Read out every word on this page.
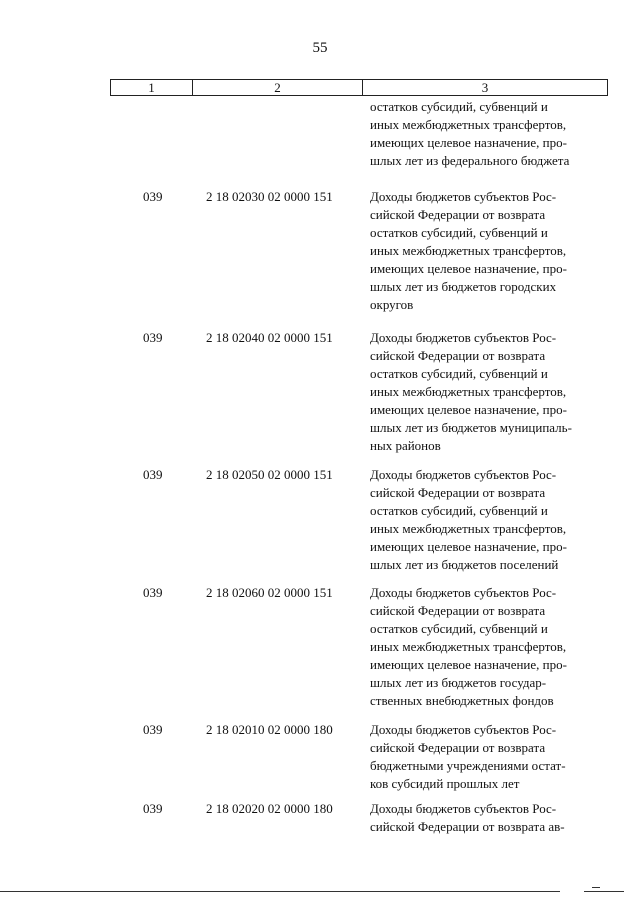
55
1	2	3
остатков субсидий, субвенций и
иных межбюджетных трансфертов,
имеющих целевое назначение, про-
шлых лет из федерального бюджета
039	2 18 02030 02 0000 151	Доходы бюджетов субъектов Рос-
сийской Федерации от возврата
остатков субсидий, субвенций и
иных межбюджетных трансфертов,
имеющих целевое назначение, про-
шлых лет из бюджетов городских
округов
039	2 18 02040 02 0000 151	Доходы бюджетов субъектов Рос-
сийской Федерации от возврата
остатков субсидий, субвенций и
иных межбюджетных трансфертов,
имеющих целевое назначение, про-
шлых лет из бюджетов муниципаль-
ных районов
039	2 18 02050 02 0000 151	Доходы бюджетов субъектов Рос-
сийской Федерации от возврата
остатков субсидий, субвенций и
иных межбюджетных трансфертов,
имеющих целевое назначение, про-
шлых лет из бюджетов поселений
039	2 18 02060 02 0000 151	Доходы бюджетов субъектов Рос-
сийской Федерации от возврата
остатков субсидий, субвенций и
иных межбюджетных трансфертов,
имеющих целевое назначение, про-
шлых лет из бюджетов государ-
ственных внебюджетных фондов
039	2 18 02010 02 0000 180	Доходы бюджетов субъектов Рос-
сийской Федерации от возврата
бюджетными учреждениями остат-
ков субсидий прошлых лет
039	2 18 02020 02 0000 180	Доходы бюджетов субъектов Рос-
сийской Федерации от возврата ав-
